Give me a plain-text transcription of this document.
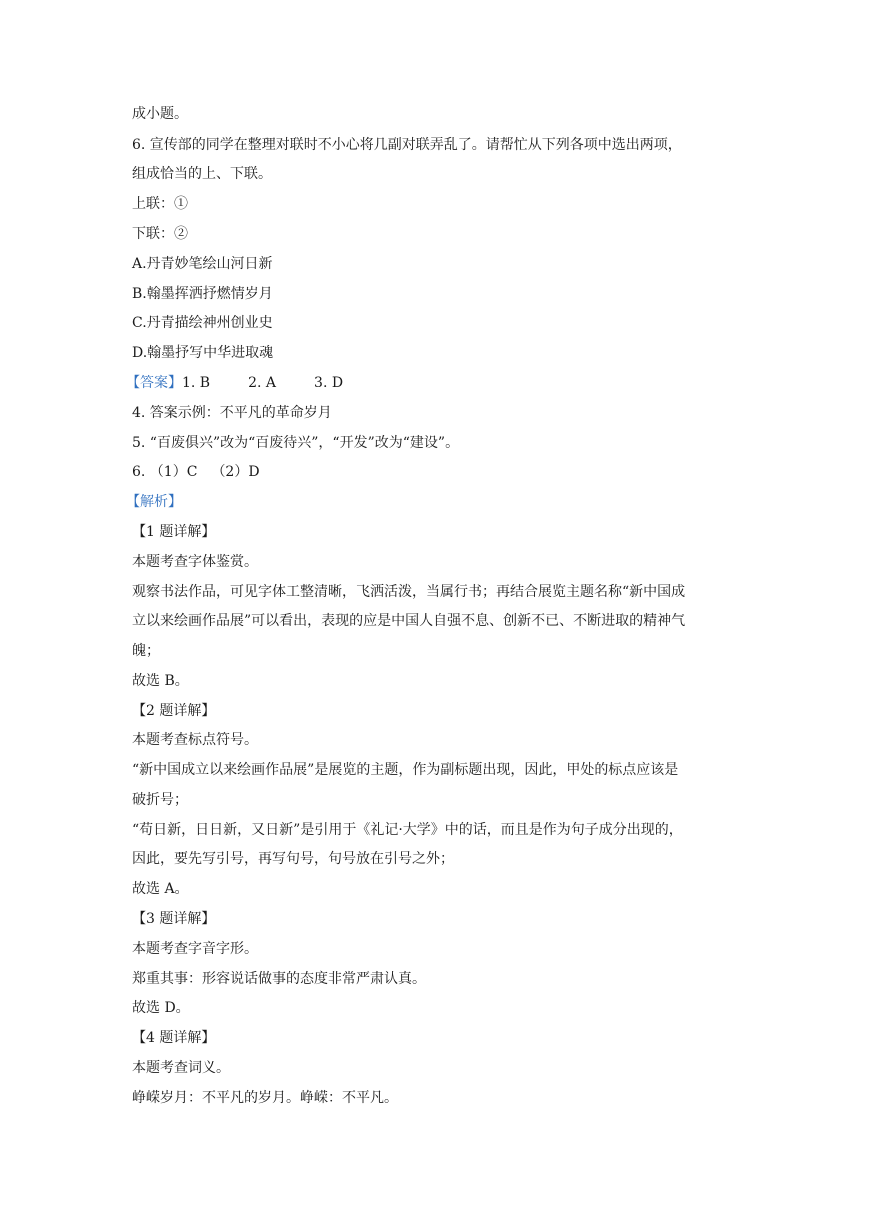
成小题。
6. 宣传部的同学在整理对联时不小心将几副对联弄乱了。请帮忙从下列各项中选出两项，
组成恰当的上、下联。
上联：①
下联：②
A.丹青妙笔绘山河日新
B.翰墨挥洒抒燃情岁月
C.丹青描绘神州创业史
D.翰墨抒写中华进取魂
【答案】1. B	2. A	3. D
4. 答案示例：不平凡的革命岁月
5. “百废俱兴”改为“百废待兴”，“开发”改为“建设”。
6. （1）C （2）D
【解析】
【1 题详解】
本题考查字体鉴赏。
观察书法作品，可见字体工整清晰，飞洒活泼，当属行书；再结合展览主题名称“新中国成
立以来绘画作品展”可以看出，表现的应是中国人自强不息、创新不已、不断进取的精神气
魄；
故选 B。
【2 题详解】
本题考查标点符号。
“新中国成立以来绘画作品展”是展览的主题，作为副标题出现，因此，甲处的标点应该是
破折号；
“苟日新，日日新，又日新”是引用于《礼记·大学》中的话，而且是作为句子成分出现的，
因此，要先写引号，再写句号，句号放在引号之外；
故选 A。
【3 题详解】
本题考查字音字形。
郑重其事：形容说话做事的态度非常严肃认真。
故选 D。
【4 题详解】
本题考查词义。
峥嵘岁月：不平凡的岁月。峥嵘：不平凡。
